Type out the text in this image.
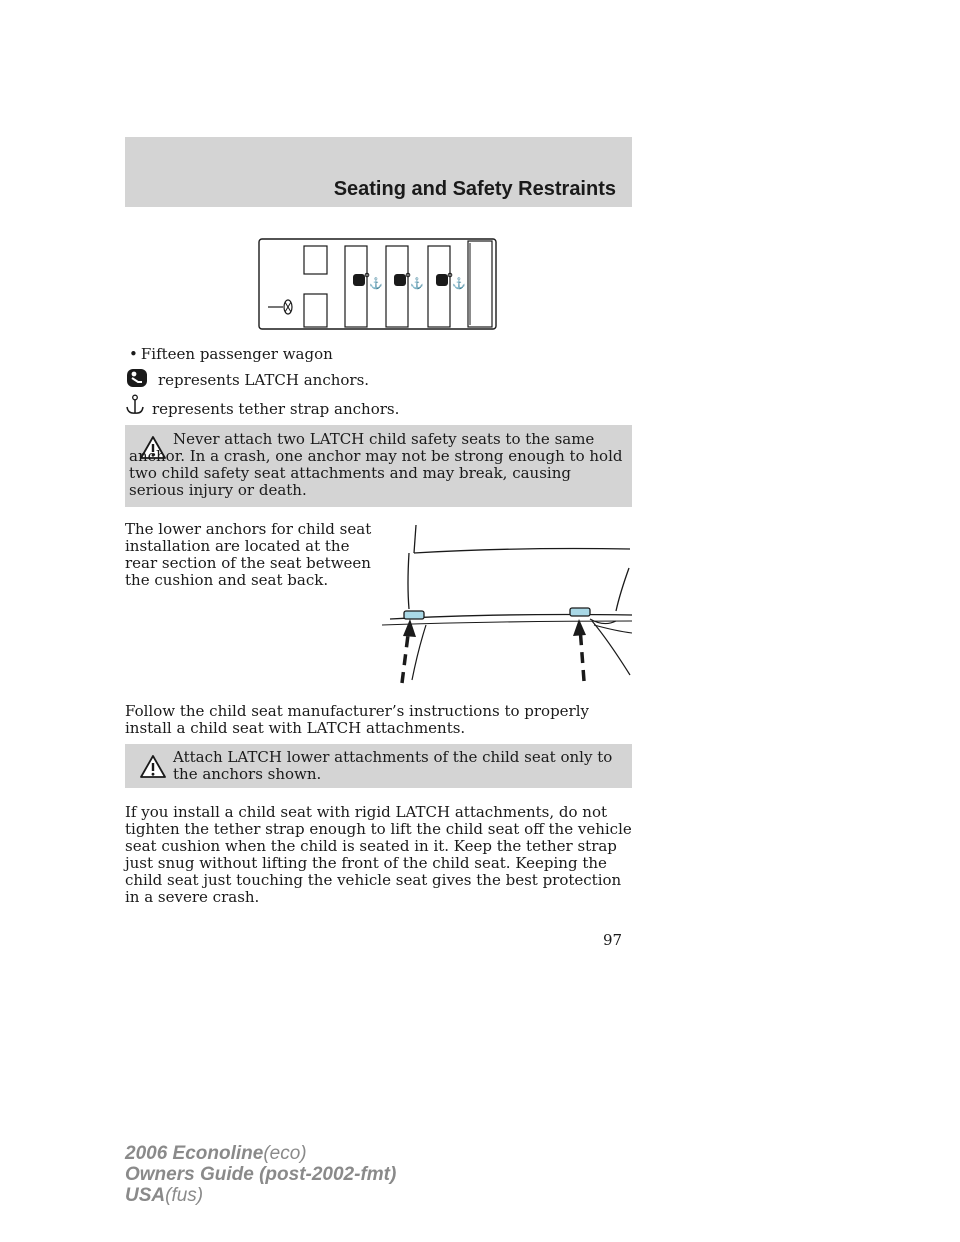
Seating and Safety Restraints
⚓ ⚓	⚓
• Fifteen passenger wagon
represents LATCH anchors.
represents tether strap anchors.
Never attach two LATCH child safety seats to the same anchor. In a crash, one anchor may not be strong enough to hold two child safety seat attachments and may break, causing serious injury or death.
The lower anchors for child seat installation are located at the rear section of the seat between the cushion and seat back.
Follow the child seat manufacturer’s instructions to properly install a child seat with LATCH attachments.
Attach LATCH lower attachments of the child seat only to the anchors shown.
If you install a child seat with rigid LATCH attachments, do not tighten the tether strap enough to lift the child seat off the vehicle seat cushion when the child is seated in it. Keep the tether strap just snug without lifting the front of the child seat. Keeping the child seat just touching the vehicle seat gives the best protection in a severe crash.
97
2006 Econoline(eco)
Owners Guide (post-2002-fmt)
USA(fus)
